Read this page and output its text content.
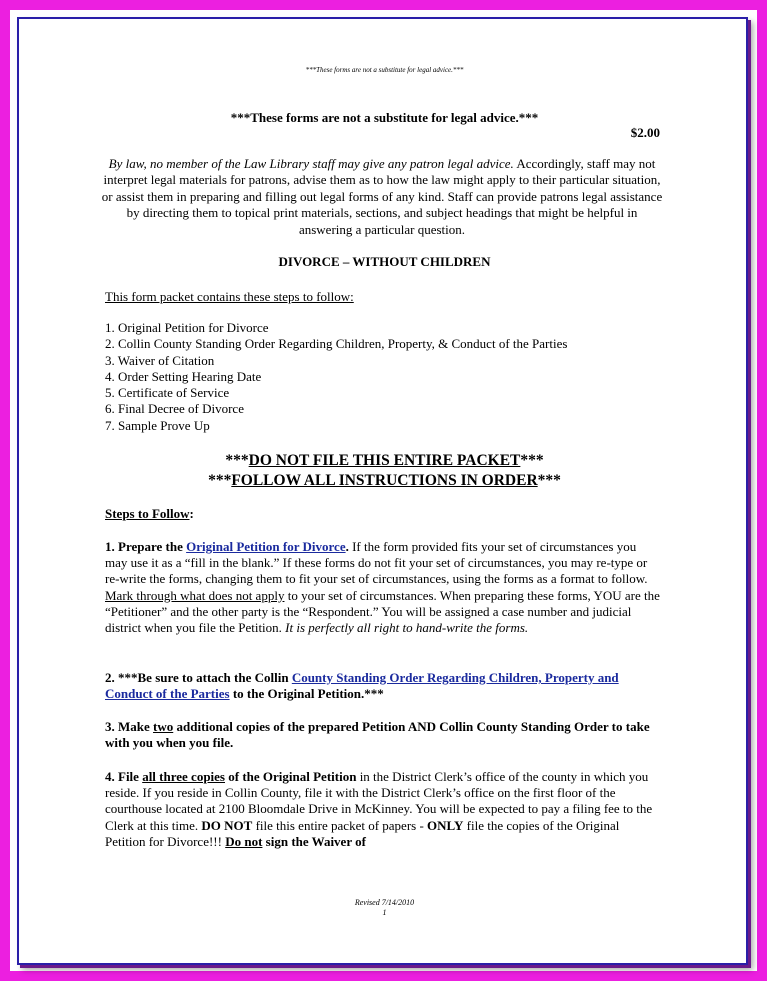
***These forms are not a substitute for legal advice.***
***These forms are not a substitute for legal advice.***
$2.00
By law, no member of the Law Library staff may give any patron legal advice. Accordingly, staff may not interpret legal materials for patrons, advise them as to how the law might apply to their particular situation, or assist them in preparing and filling out legal forms of any kind. Staff can provide patrons legal assistance by directing them to topical print materials, sections, and subject headings that might be helpful in answering a particular question.
DIVORCE – WITHOUT CHILDREN
This form packet contains these steps to follow:
1. Original Petition for Divorce
2. Collin County Standing Order Regarding Children, Property, & Conduct of the Parties
3. Waiver of Citation
4. Order Setting Hearing Date
5. Certificate of Service
6. Final Decree of Divorce
7. Sample Prove Up
***DO NOT FILE THIS ENTIRE PACKET***
***FOLLOW ALL INSTRUCTIONS IN ORDER***
Steps to Follow:
1. Prepare the Original Petition for Divorce. If the form provided fits your set of circumstances you may use it as a “fill in the blank.” If these forms do not fit your set of circumstances, you may re-type or re-write the forms, changing them to fit your set of circumstances, using the forms as a format to follow. Mark through what does not apply to your set of circumstances. When preparing these forms, YOU are the “Petitioner” and the other party is the “Respondent.” You will be assigned a case number and judicial district when you file the Petition. It is perfectly all right to hand-write the forms.
2. ***Be sure to attach the Collin County Standing Order Regarding Children, Property and Conduct of the Parties to the Original Petition.***
3. Make two additional copies of the prepared Petition AND Collin County Standing Order to take with you when you file.
4. File all three copies of the Original Petition in the District Clerk’s office of the county in which you reside. If you reside in Collin County, file it with the District Clerk’s office on the first floor of the courthouse located at 2100 Bloomdale Drive in McKinney. You will be expected to pay a filing fee to the Clerk at this time. DO NOT file this entire packet of papers - ONLY file the copies of the Original Petition for Divorce!!! Do not sign the Waiver of
Revised 7/14/2010
1
